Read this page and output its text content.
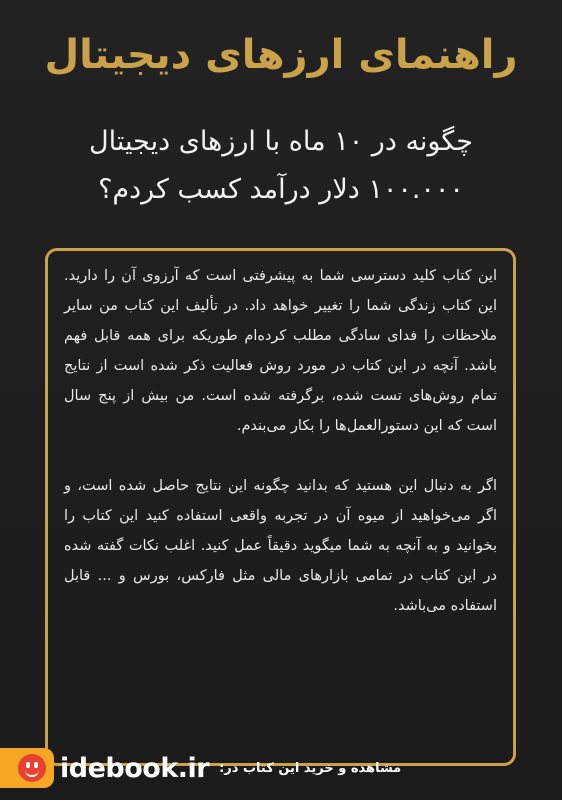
راهنمای ارزهای دیجیتال
چگونه در ۱۰ ماه با ارزهای دیجیتال
۱۰۰.۰۰۰ دلار درآمد کسب کردم؟

این کتاب کلید دسترسی شما به پیشرفتی است که آرزوی آن را دارید. این کتاب زندگی شما را تغییر خواهد داد. در تألیف این کتاب من سایر ملاحظات را فدای سادگی مطلب کرده‌ام طوریکه برای همه قابل فهم باشد. آنچه در این کتاب در مورد روش فعالیت ذکر شده است از نتایج تمام روش‌های تست شده، برگرفته شده است. من بیش از پنج سال است که این دستورالعمل‌ها را بکار می‌بندم.

اگر به دنبال این هستید که بدانید چگونه این نتایج حاصل شده است، و اگر می‌خواهید از میوه آن در تجربه واقعی استفاده کنید این کتاب را بخوانید و به آنچه به شما میگوید دقیقاً عمل کنید. اغلب نکات گفته شده در این کتاب در تمامی بازارهای مالی مثل فارکس، بورس و ... قابل استفاده می‌باشد.

idebook.ir مشاهده و خرید این کتاب در:
